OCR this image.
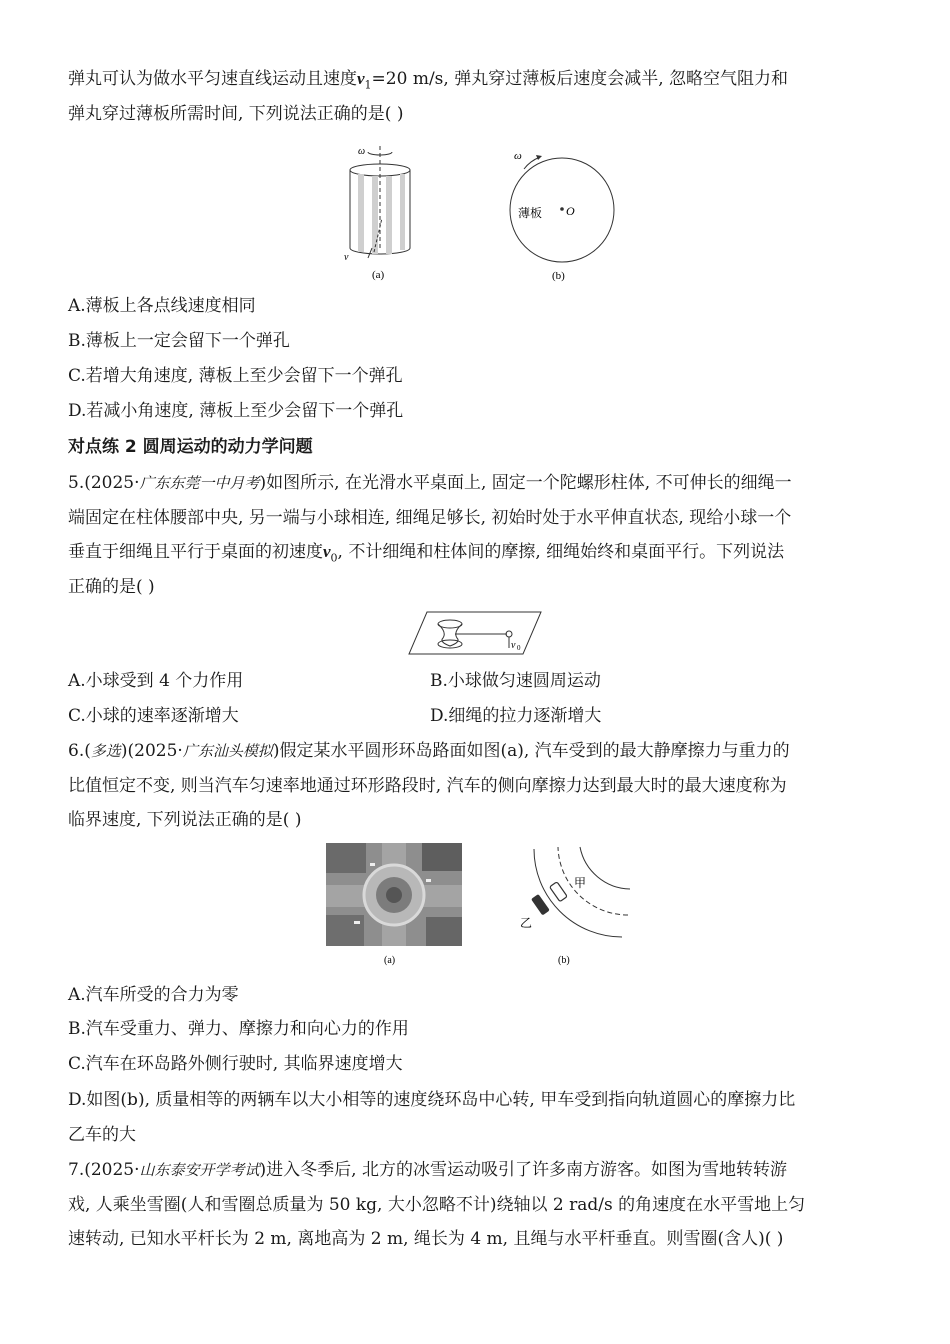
弹丸可认为做水平匀速直线运动且速度$v_1=20$ m/s, 弹丸穿过薄板后速度会减半, 忽略空气阻力和
弹丸穿过薄板所需时间, 下列说法正确的是( )
ω
v
(a)
ω
薄板 O
(b)
A.薄板上各点线速度相同
B.薄板上一定会留下一个弹孔
C.若增大角速度, 薄板上至少会留下一个弹孔
D.若减小角速度, 薄板上至少会留下一个弹孔
对点练 2 圆周运动的动力学问题
5.(2025·广东东莞一中月考)如图所示, 在光滑水平桌面上, 固定一个陀螺形柱体, 不可伸长的细绳一
端固定在柱体腰部中央, 另一端与小球相连, 细绳足够长, 初始时处于水平伸直状态, 现给小球一个
垂直于细绳且平行于桌面的初速度$v_0$, 不计细绳和柱体间的摩擦, 细绳始终和桌面平行。下列说法
正确的是( )
v 0
A.小球受到 4 个力作用	B.小球做匀速圆周运动
C.小球的速率逐渐增大	D.细绳的拉力逐渐增大
6.(多选)(2025·广东汕头模拟)假定某水平圆形环岛路面如图(a), 汽车受到的最大静摩擦力与重力的
比值恒定不变, 则当汽车匀速率地通过环形路段时, 汽车的侧向摩擦力达到最大时的最大速度称为
临界速度, 下列说法正确的是( )
(a)
甲
乙
(b)
A.汽车所受的合力为零
B.汽车受重力、弹力、摩擦力和向心力的作用
C.汽车在环岛路外侧行驶时, 其临界速度增大
D.如图(b), 质量相等的两辆车以大小相等的速度绕环岛中心转, 甲车受到指向轨道圆心的摩擦力比
乙车的大
7.(2025·山东泰安开学考试)进入冬季后, 北方的冰雪运动吸引了许多南方游客。如图为雪地转转游
戏, 人乘坐雪圈(人和雪圈总质量为 50 kg, 大小忽略不计)绕轴以 2 rad/s 的角速度在水平雪地上匀
速转动, 已知水平杆长为 2 m, 离地高为 2 m, 绳长为 4 m, 且绳与水平杆垂直。则雪圈(含人)( )
